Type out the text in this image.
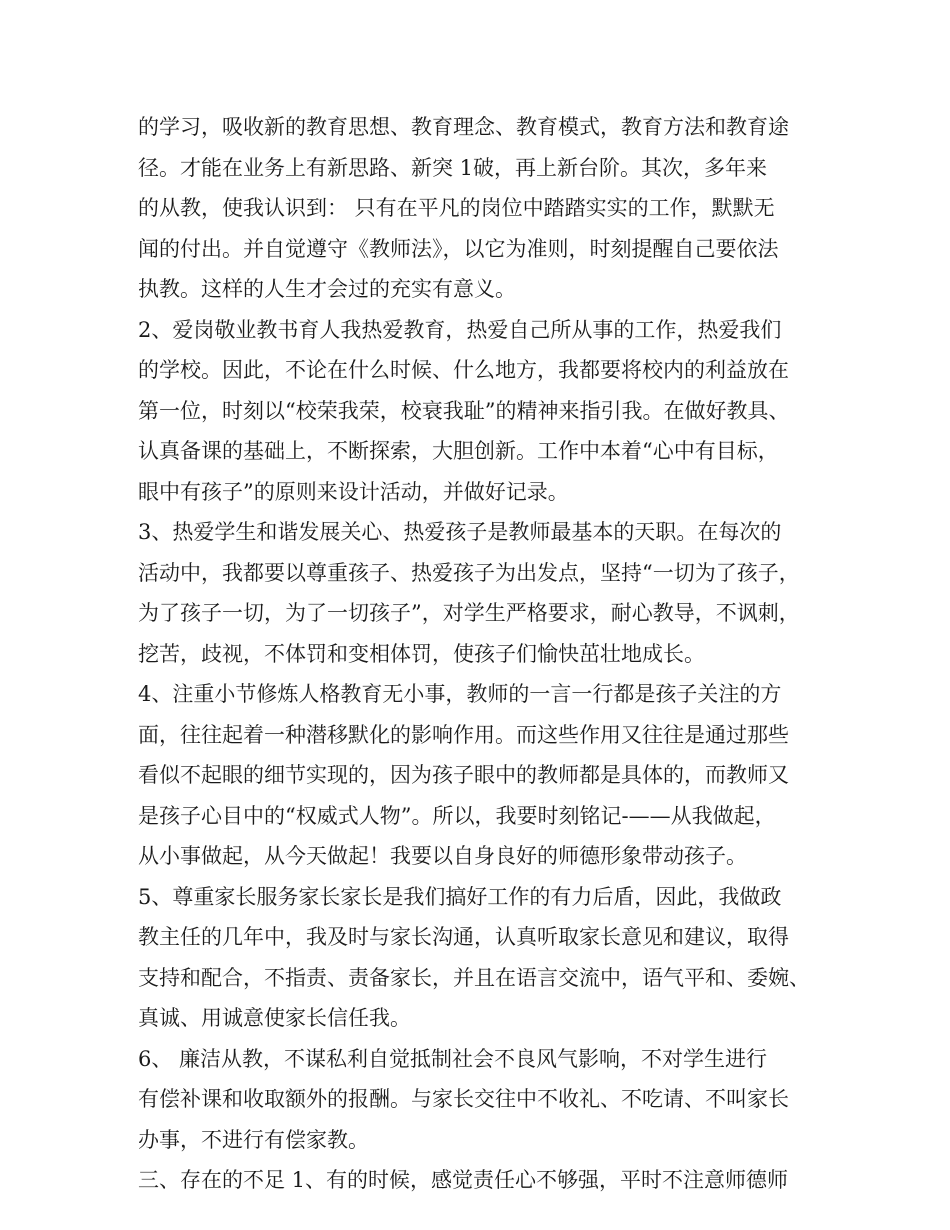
的学习，吸收新的教育思想、教育理念、教育模式，教育方法和教育途
径。才能在业务上有新思路、新突 1破，再上新台阶。其次，多年来
的从教，使我认识到： 只有在平凡的岗位中踏踏实实的工作，默默无
闻的付出。并自觉遵守《教师法》，以它为准则，时刻提醒自己要依法
执教。这样的人生才会过的充实有意义。
2、爱岗敬业教书育人我热爱教育，热爱自己所从事的工作，热爱我们
的学校。因此，不论在什么时候、什么地方，我都要将校内的利益放在
第一位，时刻以“校荣我荣，校衰我耻”的精神来指引我。在做好教具、
认真备课的基础上，不断探索，大胆创新。工作中本着“心中有目标，
眼中有孩子”的原则来设计活动，并做好记录。
3、热爱学生和谐发展关心、热爱孩子是教师最基本的天职。在每次的
活动中，我都要以尊重孩子、热爱孩子为出发点，坚持“一切为了孩子，
为了孩子一切，为了一切孩子”，对学生严格要求，耐心教导，不讽刺，
挖苦，歧视，不体罚和变相体罚，使孩子们愉快茁壮地成长。
4、注重小节修炼人格教育无小事，教师的一言一行都是孩子关注的方
面，往往起着一种潜移默化的影响作用。而这些作用又往往是通过那些
看似不起眼的细节实现的，因为孩子眼中的教师都是具体的，而教师又
是孩子心目中的“权威式人物”。所以，我要时刻铭记-——从我做起，
从小事做起，从今天做起！我要以自身良好的师德形象带动孩子。
5、尊重家长服务家长家长是我们搞好工作的有力后盾，因此，我做政
教主任的几年中，我及时与家长沟通，认真听取家长意见和建议，取得
支持和配合，不指责、责备家长，并且在语言交流中，语气平和、委婉、
真诚、用诚意使家长信任我。
6、 廉洁从教，不谋私利自觉抵制社会不良风气影响，不对学生进行
有偿补课和收取额外的报酬。与家长交往中不收礼、不吃请、不叫家长
办事，不进行有偿家教。
三、存在的不足 1、有的时候，感觉责任心不够强，平时不注意师德师
